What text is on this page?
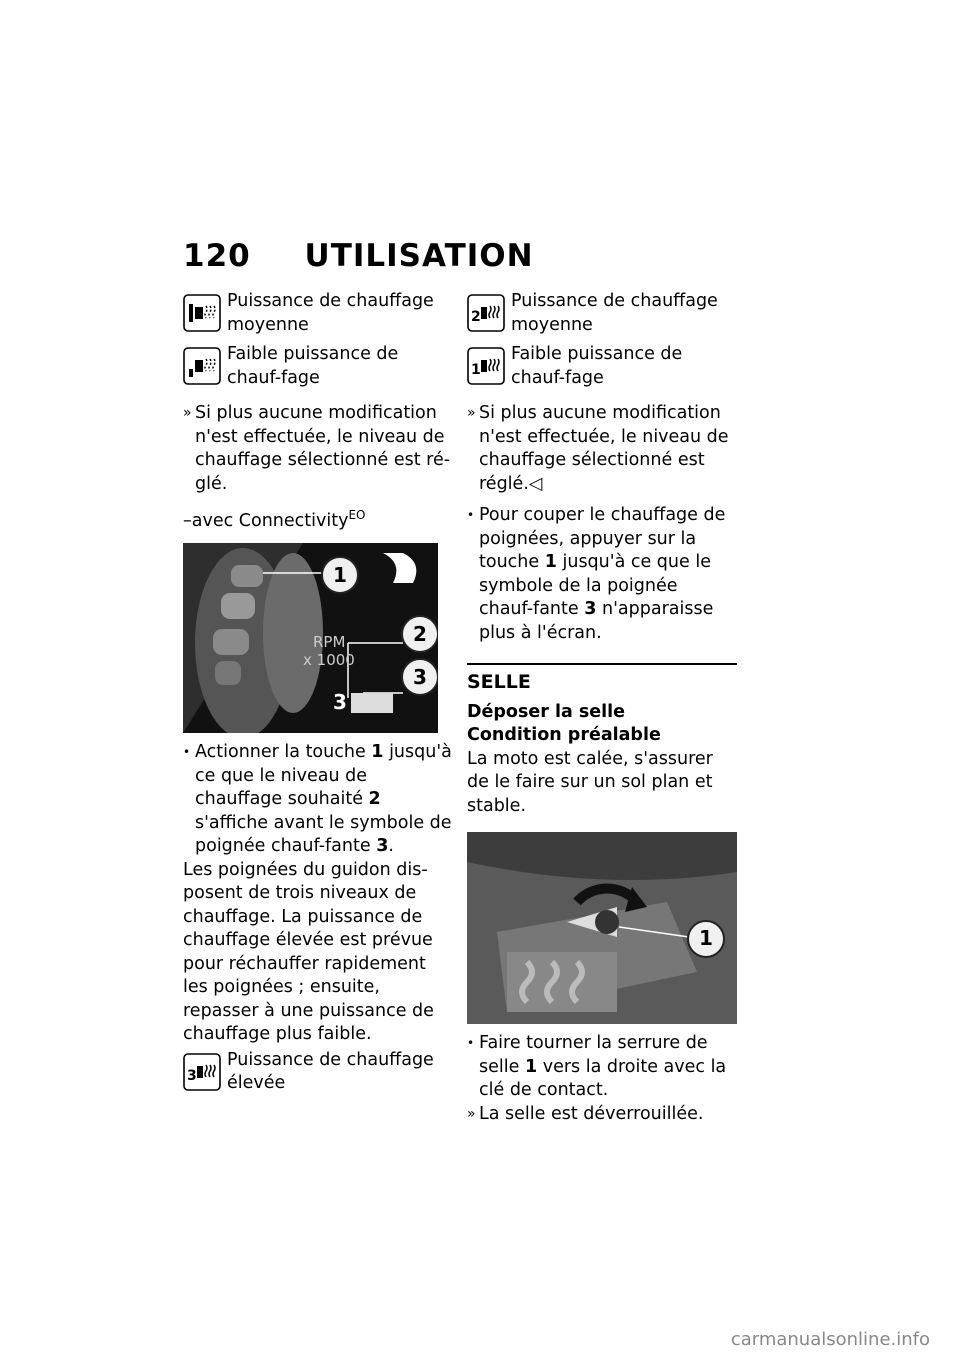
120 UTILISATION
Puissance de chauffage moyenne
Faible puissance de chauf-fage
» Si plus aucune modification n'est effectuée, le niveau de chauffage sélectionné est ré-glé.
–avec Connectivity$^{EO}$
RPM
x 1000
1
2
3
3
• Actionner la touche 1 jusqu'à ce que le niveau de chauffage souhaité 2 s'affiche avant le symbole de poignée chauf-fante 3.
Les poignées du guidon dis-posent de trois niveaux de chauffage. La puissance de chauffage élevée est prévue pour réchauffer rapidement les poignées ; ensuite, repasser à une puissance de chauffage plus faible.
3
Puissance de chauffage élevée
2
Puissance de chauffage moyenne
1
Faible puissance de chauf-fage
» Si plus aucune modification n'est effectuée, le niveau de chauffage sélectionné est réglé.◁
• Pour couper le chauffage de poignées, appuyer sur la touche 1 jusqu'à ce que le symbole de la poignée chauf-fante 3 n'apparaisse plus à l'écran.
SELLE
Déposer la selle
Condition préalable
La moto est calée, s'assurer de le faire sur un sol plan et stable.
1
• Faire tourner la serrure de selle 1 vers la droite avec la clé de contact.
» La selle est déverrouillée.
carmanualsonline.info
